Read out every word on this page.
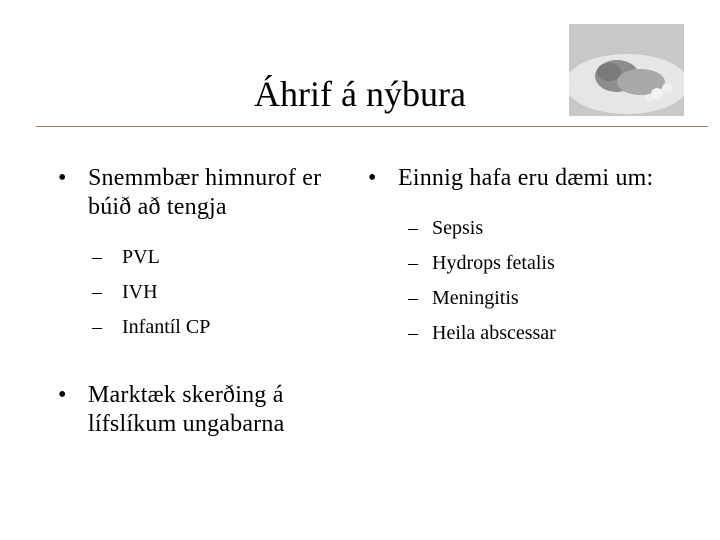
Áhrif á nýbura
• Snemmbær himnurof er búið að tengja
– PVL
– IVH
– Infantíl CP
• Marktæk skerðing á lífslíkum ungabarna
• Einnig hafa eru dæmi um:
– Sepsis
– Hydrops fetalis
– Meningitis
– Heila abscessar
